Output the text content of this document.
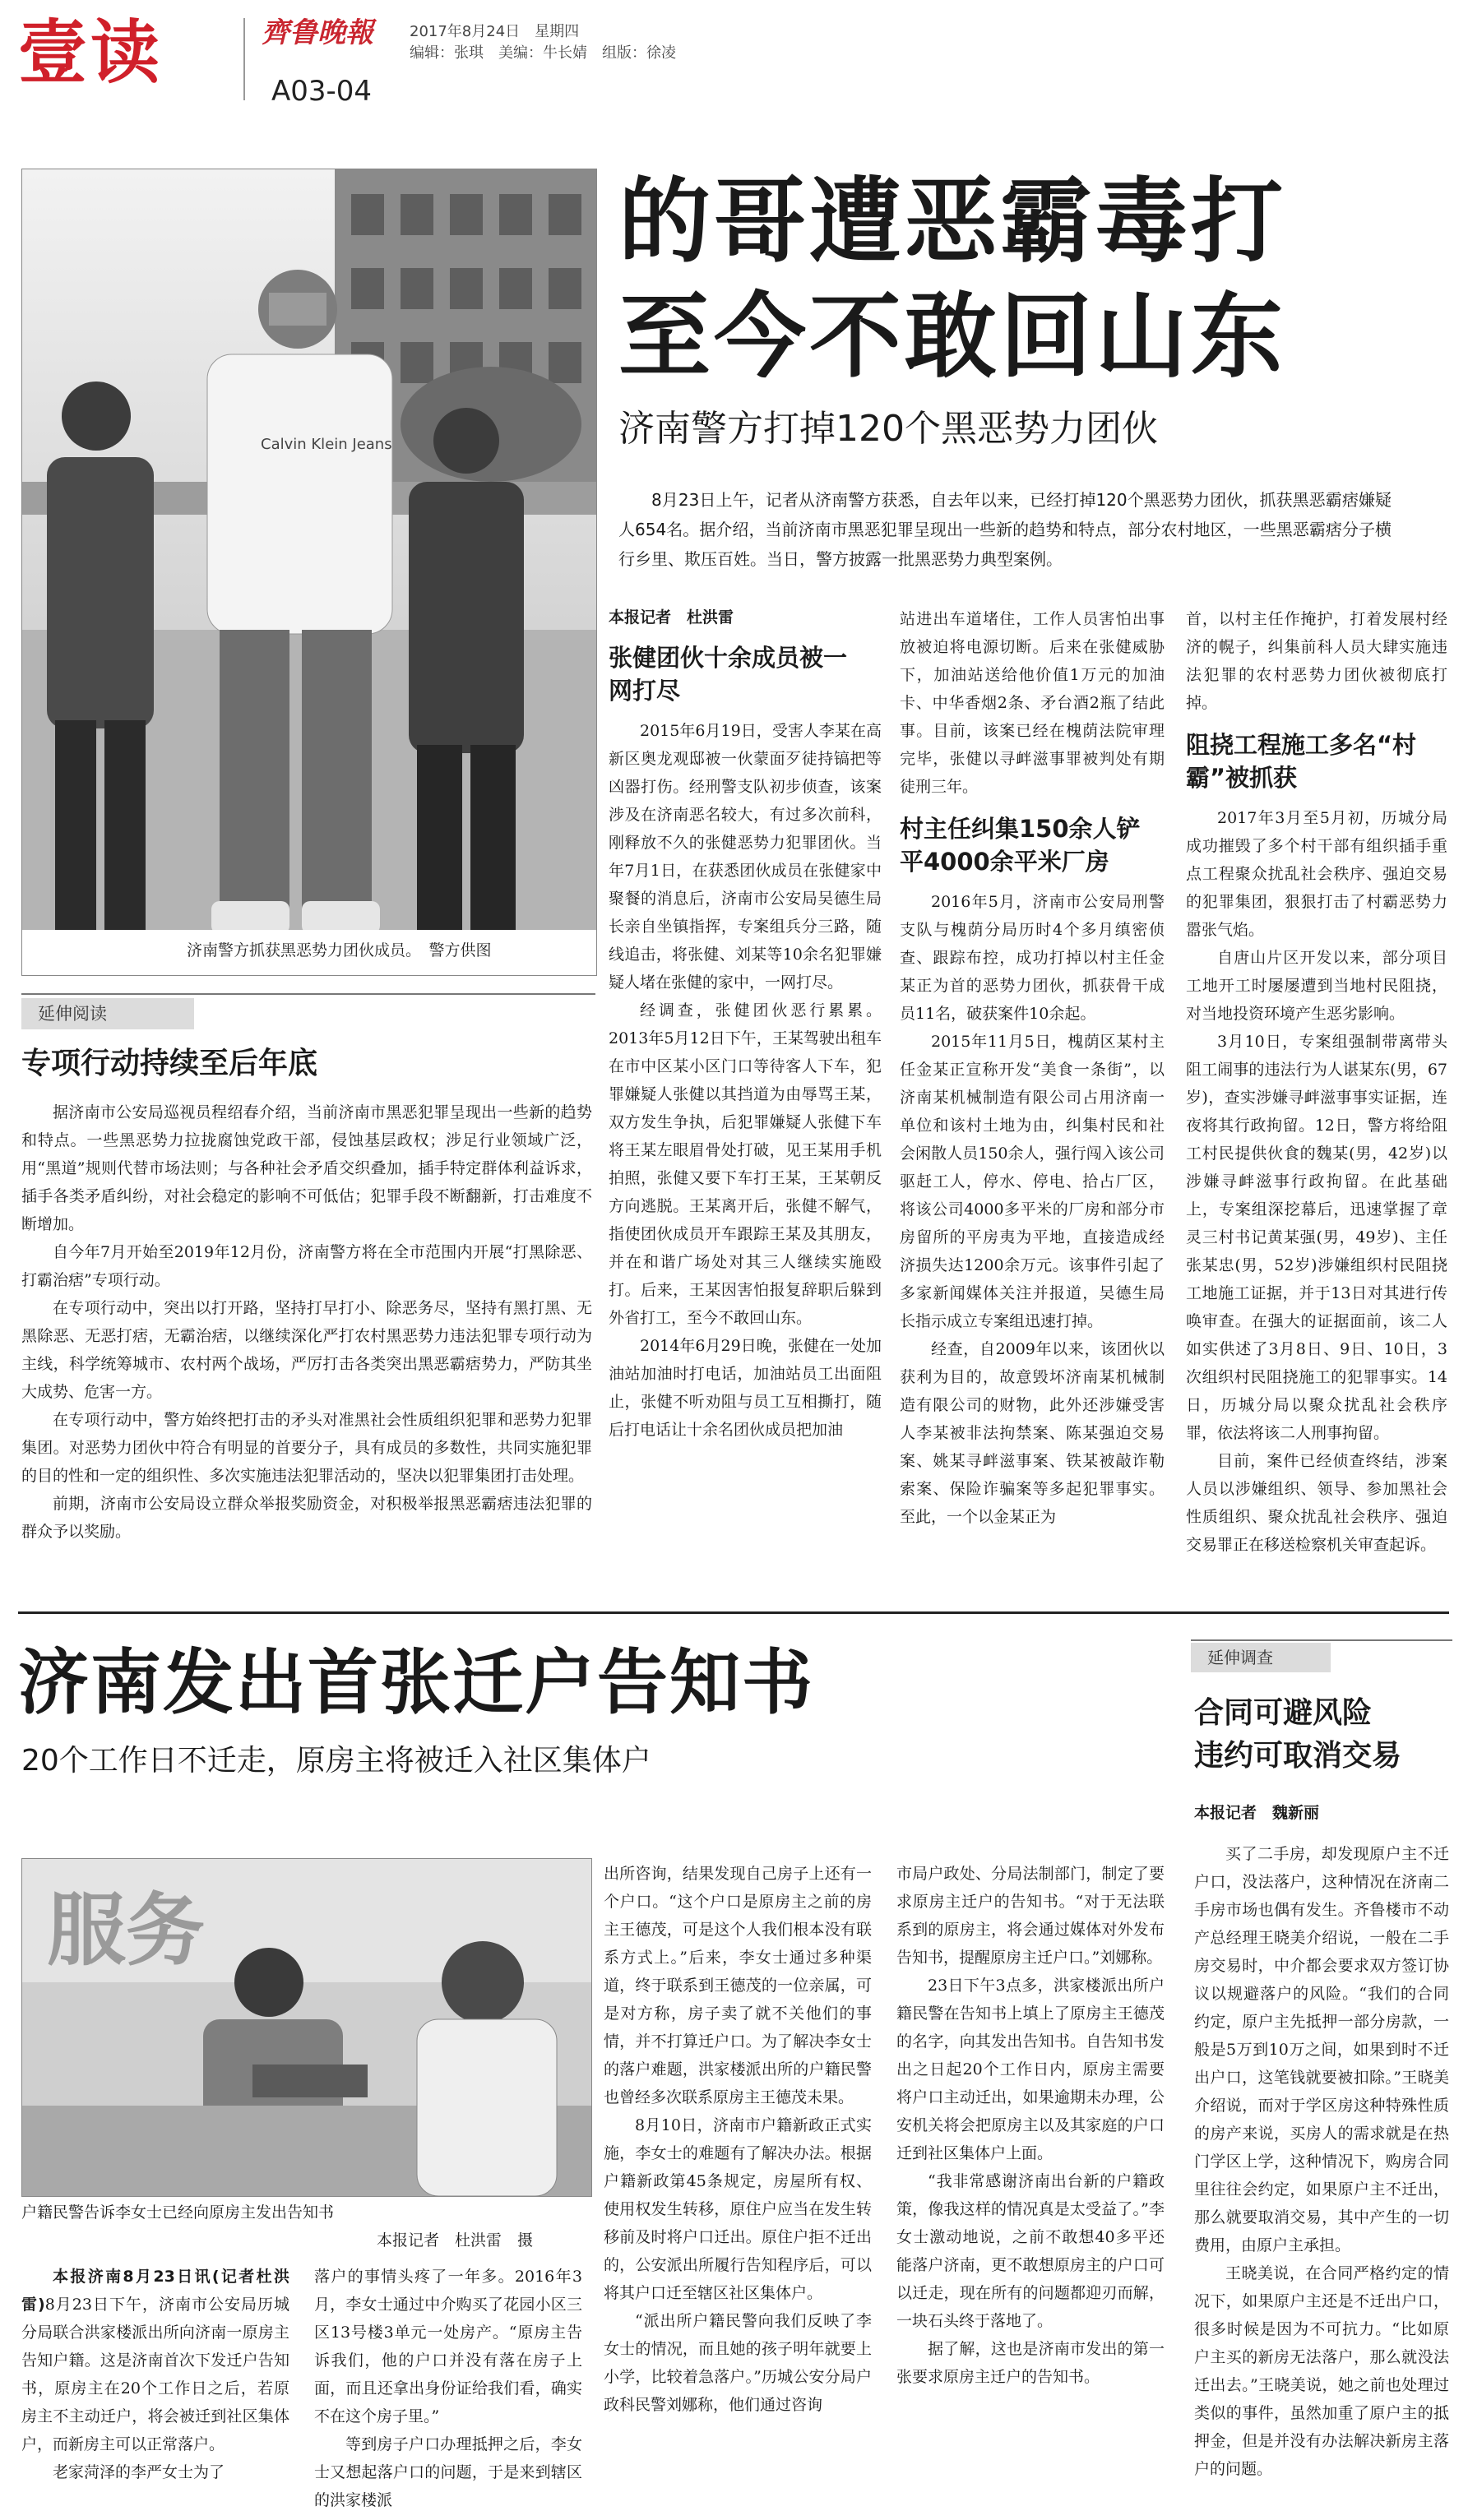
壹读	齊鲁晚報 2017年8月24日　星期四
编辑：张琪　美编：牛长婧　组版：徐凌
A03-04
Calvin Klein Jeans
济南警方抓获黑恶势力团伙成员。　警方供图
的哥遭恶霸毒打
至今不敢回山东
济南警方打掉120个黑恶势力团伙
8月23日上午，记者从济南警方获悉，自去年以来，已经打掉120个黑恶势力团伙，抓获黑恶霸痞嫌疑人654名。据介绍，当前济南市黑恶犯罪呈现出一些新的趋势和特点，部分农村地区，一些黑恶霸痞分子横行乡里、欺压百姓。当日，警方披露一批黑恶势力典型案例。
本报记者　杜洪雷
张健团伙十余成员被一网打尽

2015年6月19日，受害人李某在高新区奥龙观邸被一伙蒙面歹徒持镐把等凶器打伤。经刑警支队初步侦查，该案涉及在济南恶名较大，有过多次前科，刚释放不久的张健恶势力犯罪团伙。当年7月1日，在获悉团伙成员在张健家中聚餐的消息后，济南市公安局吴德生局长亲自坐镇指挥，专案组兵分三路，随线追击，将张健、刘某等10余名犯罪嫌疑人堵在张健的家中，一网打尽。

经调查，张健团伙恶行累累。2013年5月12日下午，王某驾驶出租车在市中区某小区门口等待客人下车，犯罪嫌疑人张健以其挡道为由辱骂王某，双方发生争执，后犯罪嫌疑人张健下车将王某左眼眉骨处打破，见王某用手机拍照，张健又要下车打王某，王某朝反方向逃脱。王某离开后，张健不解气，指使团伙成员开车跟踪王某及其朋友，并在和谐广场处对其三人继续实施殴打。后来，王某因害怕报复辞职后躲到外省打工，至今不敢回山东。

2014年6月29日晚，张健在一处加油站加油时打电话，加油站员工出面阻止，张健不听劝阻与员工互相撕打，随后打电话让十余名团伙成员把加油

站进出车道堵住，工作人员害怕出事放被迫将电源切断。后来在张健威胁下，加油站送给他价值1万元的加油卡、中华香烟2条、矛台酒2瓶了结此事。目前，该案已经在槐荫法院审理完毕，张健以寻衅滋事罪被判处有期徒刑三年。

村主任纠集150余人铲平4000余平米厂房

2016年5月，济南市公安局刑警支队与槐荫分局历时4个多月缜密侦查、跟踪布控，成功打掉以村主任金某正为首的恶势力团伙，抓获骨干成员11名，破获案件10余起。

2015年11月5日，槐荫区某村主任金某正宣称开发“美食一条街”，以济南某机械制造有限公司占用济南一单位和该村土地为由，纠集村民和社会闲散人员150余人，强行闯入该公司驱赶工人，停水、停电、拾占厂区，将该公司4000多平米的厂房和部分市房留所的平房夷为平地，直接造成经济损失达1200余万元。该事件引起了多家新闻媒体关注并报道，吴德生局长指示成立专案组迅速打掉。

经查，自2009年以来，该团伙以获利为目的，故意毁坏济南某机械制造有限公司的财物，此外还涉嫌受害人李某被非法拘禁案、陈某强迫交易案、姚某寻衅滋事案、铁某被敲诈勒索案、保险诈骗案等多起犯罪事实。至此，一个以金某正为

首，以村主任作掩护，打着发展村经济的幌子，纠集前科人员大肆实施违法犯罪的农村恶势力团伙被彻底打掉。

阻挠工程施工多名“村霸”被抓获

2017年3月至5月初，历城分局成功摧毁了多个村干部有组织插手重点工程聚众扰乱社会秩序、强迫交易的犯罪集团，狠狠打击了村霸恶势力嚣张气焰。

自唐山片区开发以来，部分项目工地开工时屡屡遭到当地村民阻挠，对当地投资环境产生恶劣影响。

3月10日，专案组强制带离带头阻工闹事的违法行为人谌某东(男，67岁)，查实涉嫌寻衅滋事事实证据，连夜将其行政拘留。12日，警方将给阻工村民提供伙食的魏某(男，42岁)以涉嫌寻衅滋事行政拘留。在此基础上，专案组深挖幕后，迅速掌握了章灵三村书记黄某强(男，49岁)、主任张某忠(男，52岁)涉嫌组织村民阻挠工地施工证据，并于13日对其进行传唤审查。在强大的证据面前，该二人如实供述了3月8日、9日、10日，3次组织村民阻挠施工的犯罪事实。14日，历城分局以聚众扰乱社会秩序罪，依法将该二人刑事拘留。

目前，案件已经侦查终结，涉案人员以涉嫌组织、领导、参加黑社会性质组织、聚众扰乱社会秩序、强迫交易罪正在移送检察机关审查起诉。

延伸阅读
专项行动持续至后年底

据济南市公安局巡视员程绍春介绍，当前济南市黑恶犯罪呈现出一些新的趋势和特点。一些黑恶势力拉拢腐蚀党政干部，侵蚀基层政权；涉足行业领域广泛，用“黑道”规则代替市场法则；与各种社会矛盾交织叠加，插手特定群体利益诉求，插手各类矛盾纠纷，对社会稳定的影响不可低估；犯罪手段不断翻新，打击难度不断增加。

自今年7月开始至2019年12月份，济南警方将在全市范围内开展“打黑除恶、打霸治痞”专项行动。

在专项行动中，突出以打开路，坚持打早打小、除恶务尽，坚持有黑打黑、无黑除恶、无恶打痞，无霸治痞，以继续深化严打农村黑恶势力违法犯罪专项行动为主线，科学统筹城市、农村两个战场，严厉打击各类突出黑恶霸痞势力，严防其坐大成势、危害一方。

在专项行动中，警方始终把打击的矛头对准黑社会性质组织犯罪和恶势力犯罪集团。对恶势力团伙中符合有明显的首要分子，具有成员的多数性，共同实施犯罪的目的性和一定的组织性、多次实施违法犯罪活动的，坚决以犯罪集团打击处理。

前期，济南市公安局设立群众举报奖励资金，对积极举报黑恶霸痞违法犯罪的群众予以奖励。

济南发出首张迁户告知书
20个工作日不迁走，原房主将被迁入社区集体户
服务
户籍民警告诉李女士已经向原房主发出告知书
本报记者　杜洪雷　摄

本报济南8月23日讯(记者杜洪雷)8月23日下午，济南市公安局历城分局联合洪家楼派出所向济南一原房主告知户籍。这是济南首次下发迁户告知书，原房主在20个工作日之后，若原房主不主动迁户，将会被迁到社区集体户，而新房主可以正常落户。

老家菏泽的李严女士为了

落户的事情头疼了一年多。2016年3月，李女士通过中介购买了花园小区三区13号楼3单元一处房产。“原房主告诉我们，他的户口并没有落在房子上面，而且还拿出身份证给我们看，确实不在这个房子里。”

等到房子户口办理抵押之后，李女士又想起落户口的问题，于是来到辖区的洪家楼派

出所咨询，结果发现自己房子上还有一个户口。“这个户口是原房主之前的房主王德茂，可是这个人我们根本没有联系方式上。”后来，李女士通过多种渠道，终于联系到王德茂的一位亲属，可是对方称，房子卖了就不关他们的事情，并不打算迁户口。为了解决李女士的落户难题，洪家楼派出所的户籍民警也曾经多次联系原房主王德茂未果。

8月10日，济南市户籍新政正式实施，李女士的难题有了解决办法。根据户籍新政第45条规定，房屋所有权、使用权发生转移，原住户应当在发生转移前及时将户口迁出。原住户拒不迁出的，公安派出所履行告知程序后，可以将其户口迁至辖区社区集体户。

“派出所户籍民警向我们反映了李女士的情况，而且她的孩子明年就要上小学，比较着急落户。”历城公安分局户政科民警刘娜称，他们通过咨询

市局户政处、分局法制部门，制定了要求原房主迁户的告知书。“对于无法联系到的原房主，将会通过媒体对外发布告知书，提醒原房主迁户口。”刘娜称。

23日下午3点多，洪家楼派出所户籍民警在告知书上填上了原房主王德茂的名字，向其发出告知书。自告知书发出之日起20个工作日内，原房主需要将户口主动迁出，如果逾期未办理，公安机关将会把原房主以及其家庭的户口迁到社区集体户上面。

“我非常感谢济南出台新的户籍政策，像我这样的情况真是太受益了。”李女士激动地说，之前不敢想40多平还能落户济南，更不敢想原房主的户口可以迁走，现在所有的问题都迎刃而解，一块石头终于落地了。

据了解，这也是济南市发出的第一张要求原房主迁户的告知书。

延伸调查
合同可避风险
违约可取消交易
本报记者　魏新丽

买了二手房，却发现原户主不迁户口，没法落户，这种情况在济南二手房市场也偶有发生。齐鲁楼市不动产总经理王晓美介绍说，一般在二手房交易时，中介都会要求双方签订协议以规避落户的风险。“我们的合同约定，原户主先抵押一部分房款，一般是5万到10万之间，如果到时不迁出户口，这笔钱就要被扣除。”王晓美介绍说，而对于学区房这种特殊性质的房产来说，买房人的需求就是在热门学区上学，这种情况下，购房合同里往往会约定，如果原户主不迁出，那么就要取消交易，其中产生的一切费用，由原户主承担。

王晓美说，在合同严格约定的情况下，如果原户主还是不迁出户口，很多时候是因为不可抗力。“比如原户主买的新房无法落户，那么就没法迁出去。”王晓美说，她之前也处理过类似的事件，虽然加重了原户主的抵押金，但是并没有办法解决新房主落户的问题。
